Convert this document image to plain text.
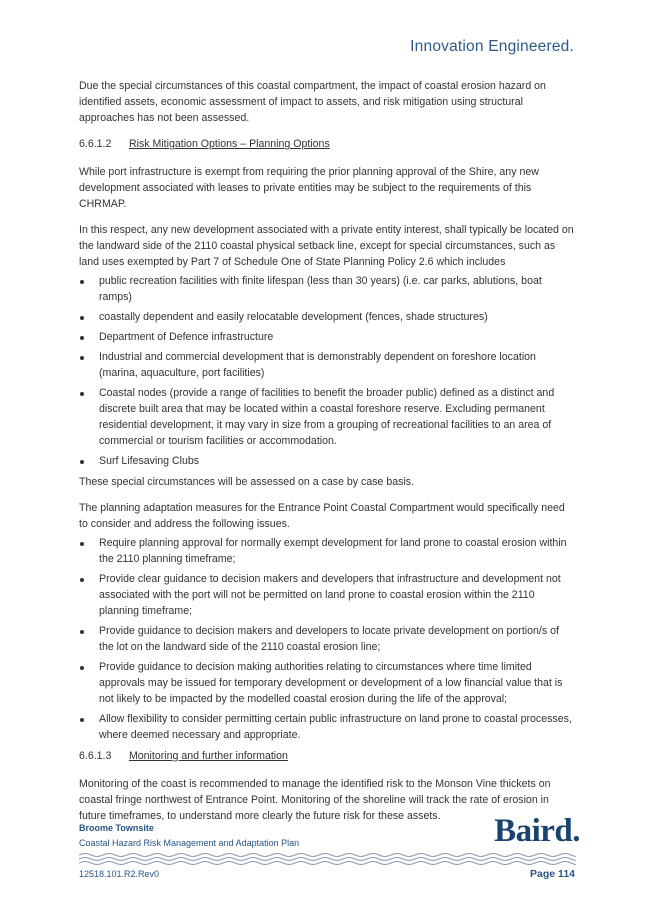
Innovation Engineered.

Due the special circumstances of this coastal compartment, the impact of coastal erosion hazard on identified assets, economic assessment of impact to assets, and risk mitigation using structural approaches has not been assessed.

6.6.1.2 Risk Mitigation Options – Planning Options

While port infrastructure is exempt from requiring the prior planning approval of the Shire, any new development associated with leases to private entities may be subject to the requirements of this CHRMAP.

In this respect, any new development associated with a private entity interest, shall typically be located on the landward side of the 2110 coastal physical setback line, except for special circumstances, such as land uses exempted by Part 7 of Schedule One of State Planning Policy 2.6 which includes

public recreation facilities with finite lifespan (less than 30 years) (i.e. car parks, ablutions, boat ramps)
coastally dependent and easily relocatable development (fences, shade structures)
Department of Defence infrastructure
Industrial and commercial development that is demonstrably dependent on foreshore location (marina, aquaculture, port facilities)
Coastal nodes (provide a range of facilities to benefit the broader public) defined as a distinct and discrete built area that may be located within a coastal foreshore reserve. Excluding permanent residential development, it may vary in size from a grouping of recreational facilities to an area of commercial or tourism facilities or accommodation.
Surf Lifesaving Clubs

These special circumstances will be assessed on a case by case basis.

The planning adaptation measures for the Entrance Point Coastal Compartment would specifically need to consider and address the following issues.

Require planning approval for normally exempt development for land prone to coastal erosion within the 2110 planning timeframe;
Provide clear guidance to decision makers and developers that infrastructure and development not associated with the port will not be permitted on land prone to coastal erosion within the 2110 planning timeframe;
Provide guidance to decision makers and developers to locate private development on portion/s of the lot on the landward side of the 2110 coastal erosion line;
Provide guidance to decision making authorities relating to circumstances where time limited approvals may be issued for temporary development or development of a low financial value that is not likely to be impacted by the modelled coastal erosion during the life of the approval;
Allow flexibility to consider permitting certain public infrastructure on land prone to coastal processes, where deemed necessary and appropriate.
6.6.1.3 Monitoring and further information

Monitoring of the coast is recommended to manage the identified risk to the Monson Vine thickets on coastal fringe northwest of Entrance Point. Monitoring of the shoreline will track the rate of erosion in future timeframes, to understand more clearly the future risk for these assets.

Broome Townsite
Coastal Hazard Risk Management and Adaptation Plan	Baird.
12518.101.R2.Rev0	Page 114
